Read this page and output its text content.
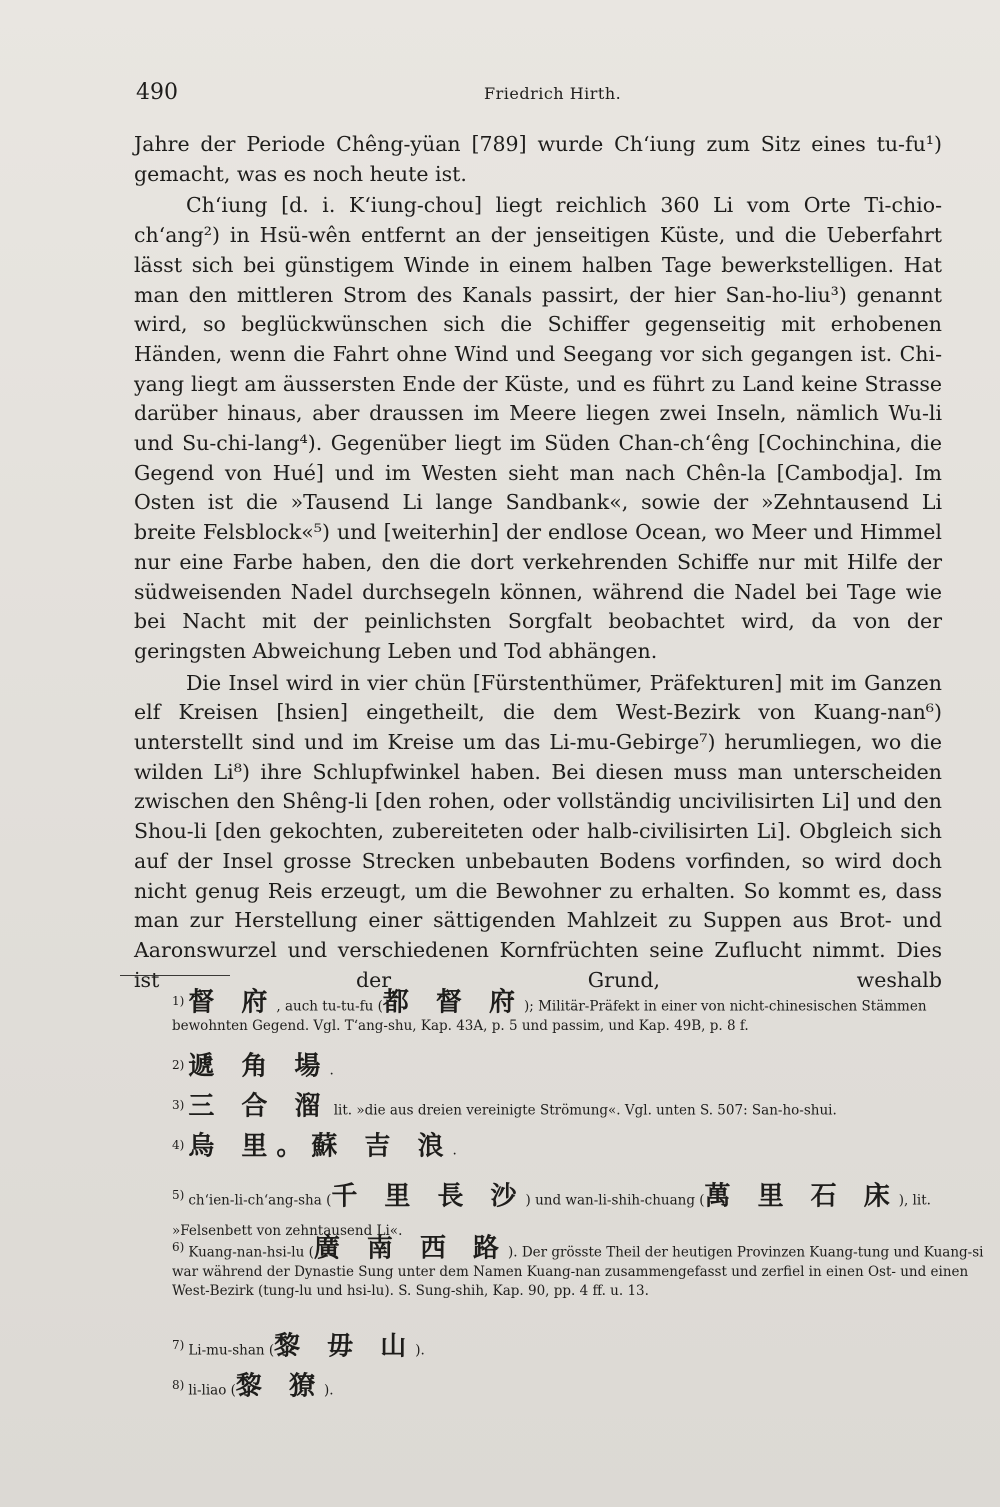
490	Friedrich Hirth.

Jahre der Periode Chêng-yüan [789] wurde Ch‘iung zum Sitz eines tu-fu¹) gemacht, was es noch heute ist.

Ch‘iung [d. i. K‘iung-chou] liegt reichlich 360 Li vom Orte Ti-chio-ch‘ang²) in Hsü-wên entfernt an der jenseitigen Küste, und die Ueberfahrt lässt sich bei günstigem Winde in einem halben Tage bewerkstelligen. Hat man den mittleren Strom des Kanals passirt, der hier San-ho-liu³) genannt wird, so beglückwünschen sich die Schiffer gegenseitig mit erhobenen Händen, wenn die Fahrt ohne Wind und Seegang vor sich gegangen ist. Chi-yang liegt am äussersten Ende der Küste, und es führt zu Land keine Strasse darüber hinaus, aber draussen im Meere liegen zwei Inseln, nämlich Wu-li und Su-chi-lang⁴). Gegenüber liegt im Süden Chan-ch‘êng [Cochinchina, die Gegend von Hué] und im Westen sieht man nach Chên-la [Cambodja]. Im Osten ist die »Tausend Li lange Sandbank«, sowie der »Zehntausend Li breite Felsblock«⁵) und [weiterhin] der endlose Ocean, wo Meer und Himmel nur eine Farbe haben, den die dort verkehrenden Schiffe nur mit Hilfe der südweisenden Nadel durchsegeln können, während die Nadel bei Tage wie bei Nacht mit der peinlichsten Sorgfalt beobachtet wird, da von der geringsten Abweichung Leben und Tod abhängen.

Die Insel wird in vier chün [Fürstenthümer, Präfekturen] mit im Ganzen elf Kreisen [hsien] eingetheilt, die dem West-Bezirk von Kuang-nan⁶) unterstellt sind und im Kreise um das Li-mu-Gebirge⁷) herumliegen, wo die wilden Li⁸) ihre Schlupfwinkel haben. Bei diesen muss man unterscheiden zwischen den Shêng-li [den rohen, oder vollständig uncivilisirten Li] und den Shou-li [den gekochten, zubereiteten oder halb-civilisirten Li]. Obgleich sich auf der Insel grosse Strecken unbebauten Bodens vorfinden, so wird doch nicht genug Reis erzeugt, um die Bewohner zu erhalten. So kommt es, dass man zur Herstellung einer sättigenden Mahlzeit zu Suppen aus Brot- und Aaronswurzel und verschiedenen Kornfrüchten seine Zuflucht nimmt. Dies ist der Grund, weshalb

1) 督 府, auch tu-tu-fu (都 督 府); Militär-Präfekt in einer von nicht-chinesischen Stämmen bewohnten Gegend. Vgl. T‘ang-shu, Kap. 43A, p. 5 und passim, und Kap. 49B, p. 8 f.
2) 遞 角 場.
3) 三 合 溜 lit. »die aus dreien vereinigte Strömung«. Vgl. unten S. 507: San-ho-shui.
4) 烏 里。蘇 吉 浪.
5) ch‘ien-li-ch‘ang-sha (千 里 長 沙) und wan-li-shih-chuang (萬 里 石 床), lit. »Felsenbett von zehntausend Li«.
6) Kuang-nan-hsi-lu (廣 南 西 路). Der grösste Theil der heutigen Provinzen Kuang-tung und Kuang-si war während der Dynastie Sung unter dem Namen Kuang-nan zusammengefasst und zerfiel in einen Ost- und einen West-Bezirk (tung-lu und hsi-lu). S. Sung-shih, Kap. 90, pp. 4 ff. u. 13.
7) Li-mu-shan (黎 毋 山).
8) li-liao (黎 獠).
